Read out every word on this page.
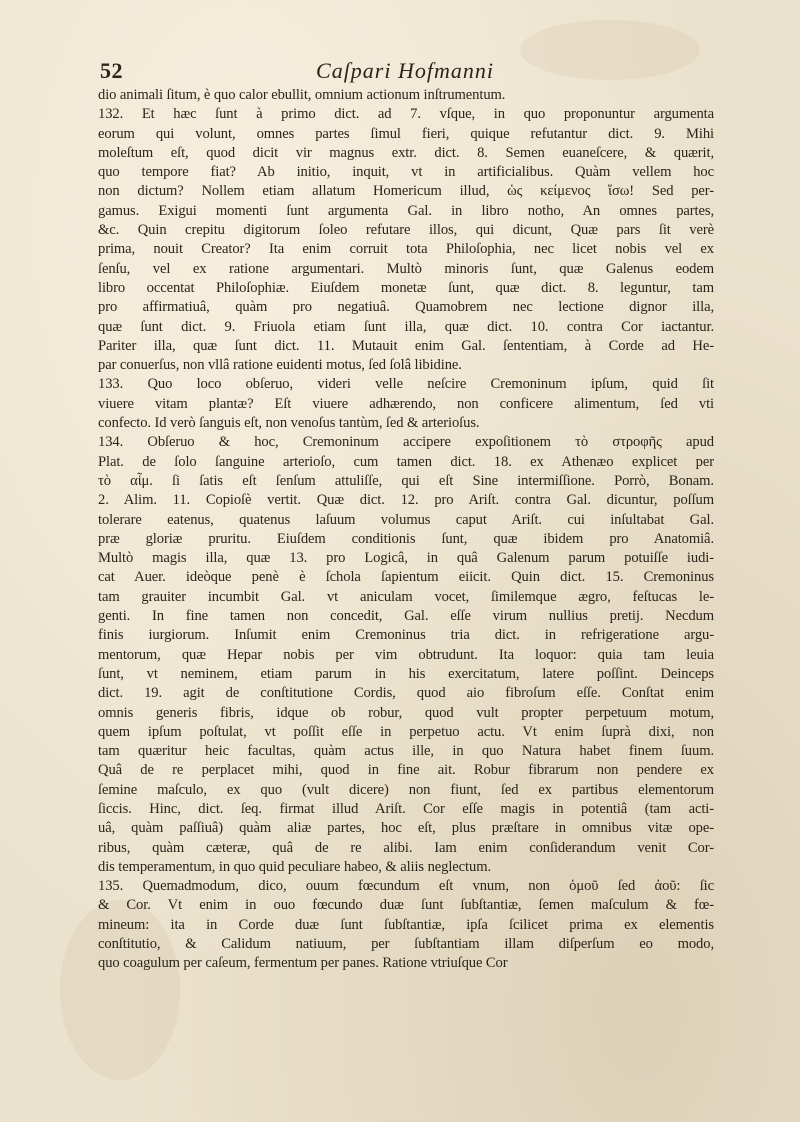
52	Caſpari Hofmanni
dio animali ſitum, è quo calor ebullit, omnium actionum inſtrumentum.
132. Et hæc ſunt à primo dict. ad 7. vſque, in quo proponuntur argumenta
eorum qui volunt, omnes partes ſimul fieri, quique refutantur dict. 9. Mihi
moleſtum eſt, quod dicit vir magnus extr. dict. 8. Semen euaneſcere, & quærit,
quo tempore fiat? Ab initio, inquit, vt in artificialibus. Quàm vellem hoc
non dictum? Nollem etiam allatum Homericum illud, ὡς κείμενος ἵσω! Sed per-
gamus. Exigui momenti ſunt argumenta Gal. in libro notho, An omnes partes,
&c. Quin crepitu digitorum ſoleo refutare illos, qui dicunt, Quæ pars ſit verè
prima, nouit Creator? Ita enim corruit tota Philoſophia, nec licet nobis vel ex
ſenſu, vel ex ratione argumentari. Multò minoris ſunt, quæ Galenus eodem
libro occentat Philoſophiæ. Eiuſdem monetæ ſunt, quæ dict. 8. leguntur, tam
pro affirmatiuâ, quàm pro negatiuâ. Quamobrem nec lectione dignor illa,
quæ ſunt dict. 9. Friuola etiam ſunt illa, quæ dict. 10. contra Cor iactantur.
Pariter illa, quæ ſunt dict. 11. Mutauit enim Gal. ſententiam, à Corde ad He-
par conuerſus, non vllâ ratione euidenti motus, ſed ſolâ libidine.
133. Quo loco obſeruo, videri velle neſcire Cremoninum ipſum, quid ſit
viuere vitam plantæ? Eſt viuere adhærendo, non conficere alimentum, ſed vti
confecto. Id verò ſanguis eſt, non venoſus tantùm, ſed & arterioſus.
134. Obſeruo & hoc, Cremoninum accipere expoſitionem τὸ στροφῆς apud
Plat. de ſolo ſanguine arterioſo, cum tamen dict. 18. ex Athenæo explicet per
τὸ αἷμ. ſi ſatis eſt ſenſum attuliſſe, qui eſt Sine intermiſſione. Porrò, Bonam.
2. Alim. 11. Copioſè vertit. Quæ dict. 12. pro Ariſt. contra Gal. dicuntur, poſſum
tolerare eatenus, quatenus laſuum volumus caput Ariſt. cui inſultabat Gal.
præ gloriæ pruritu. Eiuſdem conditionis ſunt, quæ ibidem pro Anatomiâ.
Multò magis illa, quæ 13. pro Logicâ, in quâ Galenum parum potuiſſe iudi-
cat Auer. ideòque penè è ſchola ſapientum eiicit. Quin dict. 15. Cremoninus
tam grauiter incumbit Gal. vt aniculam vocet, ſimilemque ægro, feſtucas le-
genti. In fine tamen non concedit, Gal. eſſe virum nullius pretij. Necdum
finis iurgiorum. Inſumit enim Cremoninus tria dict. in refrigeratione argu-
mentorum, quæ Hepar nobis per vim obtrudunt. Ita loquor: quia tam leuia
ſunt, vt neminem, etiam parum in his exercitatum, latere poſſint. Deinceps
dict. 19. agit de conſtitutione Cordis, quod aio fibroſum eſſe. Conſtat enim
omnis generis fibris, idque ob robur, quod vult propter perpetuum motum,
quem ipſum poſtulat, vt poſſit eſſe in perpetuo actu. Vt enim ſuprà dixi, non
tam quæritur heic facultas, quàm actus ille, in quo Natura habet finem ſuum.
Quâ de re perplacet mihi, quod in fine ait. Robur fibrarum non pendere ex
ſemine maſculo, ex quo (vult dicere) non fiunt, ſed ex partibus elementorum
ſiccis. Hinc, dict. ſeq. firmat illud Ariſt. Cor eſſe magis in potentiâ (tam acti-
uâ, quàm paſſiuâ) quàm aliæ partes, hoc eſt, plus præſtare in omnibus vitæ ope-
ribus, quàm cæteræ, quâ de re alibi. Iam enim conſiderandum venit Cor-
dis temperamentum, in quo quid peculiare habeo, & aliis neglectum.
135. Quemadmodum, dico, ouum fœcundum eſt vnum, non ὁμοῦ ſed ἀοῦ: ſic
& Cor. Vt enim in ouo fœcundo duæ ſunt ſubſtantiæ, ſemen maſculum & fœ-
mineum: ita in Corde duæ ſunt ſubſtantiæ, ipſa ſcilicet prima ex elementis
conſtitutio, & Calidum natiuum, per ſubſtantiam illam diſperſum eo modo,
quo coagulum per caſeum, fermentum per panes. Ratione vtriuſque Cor
